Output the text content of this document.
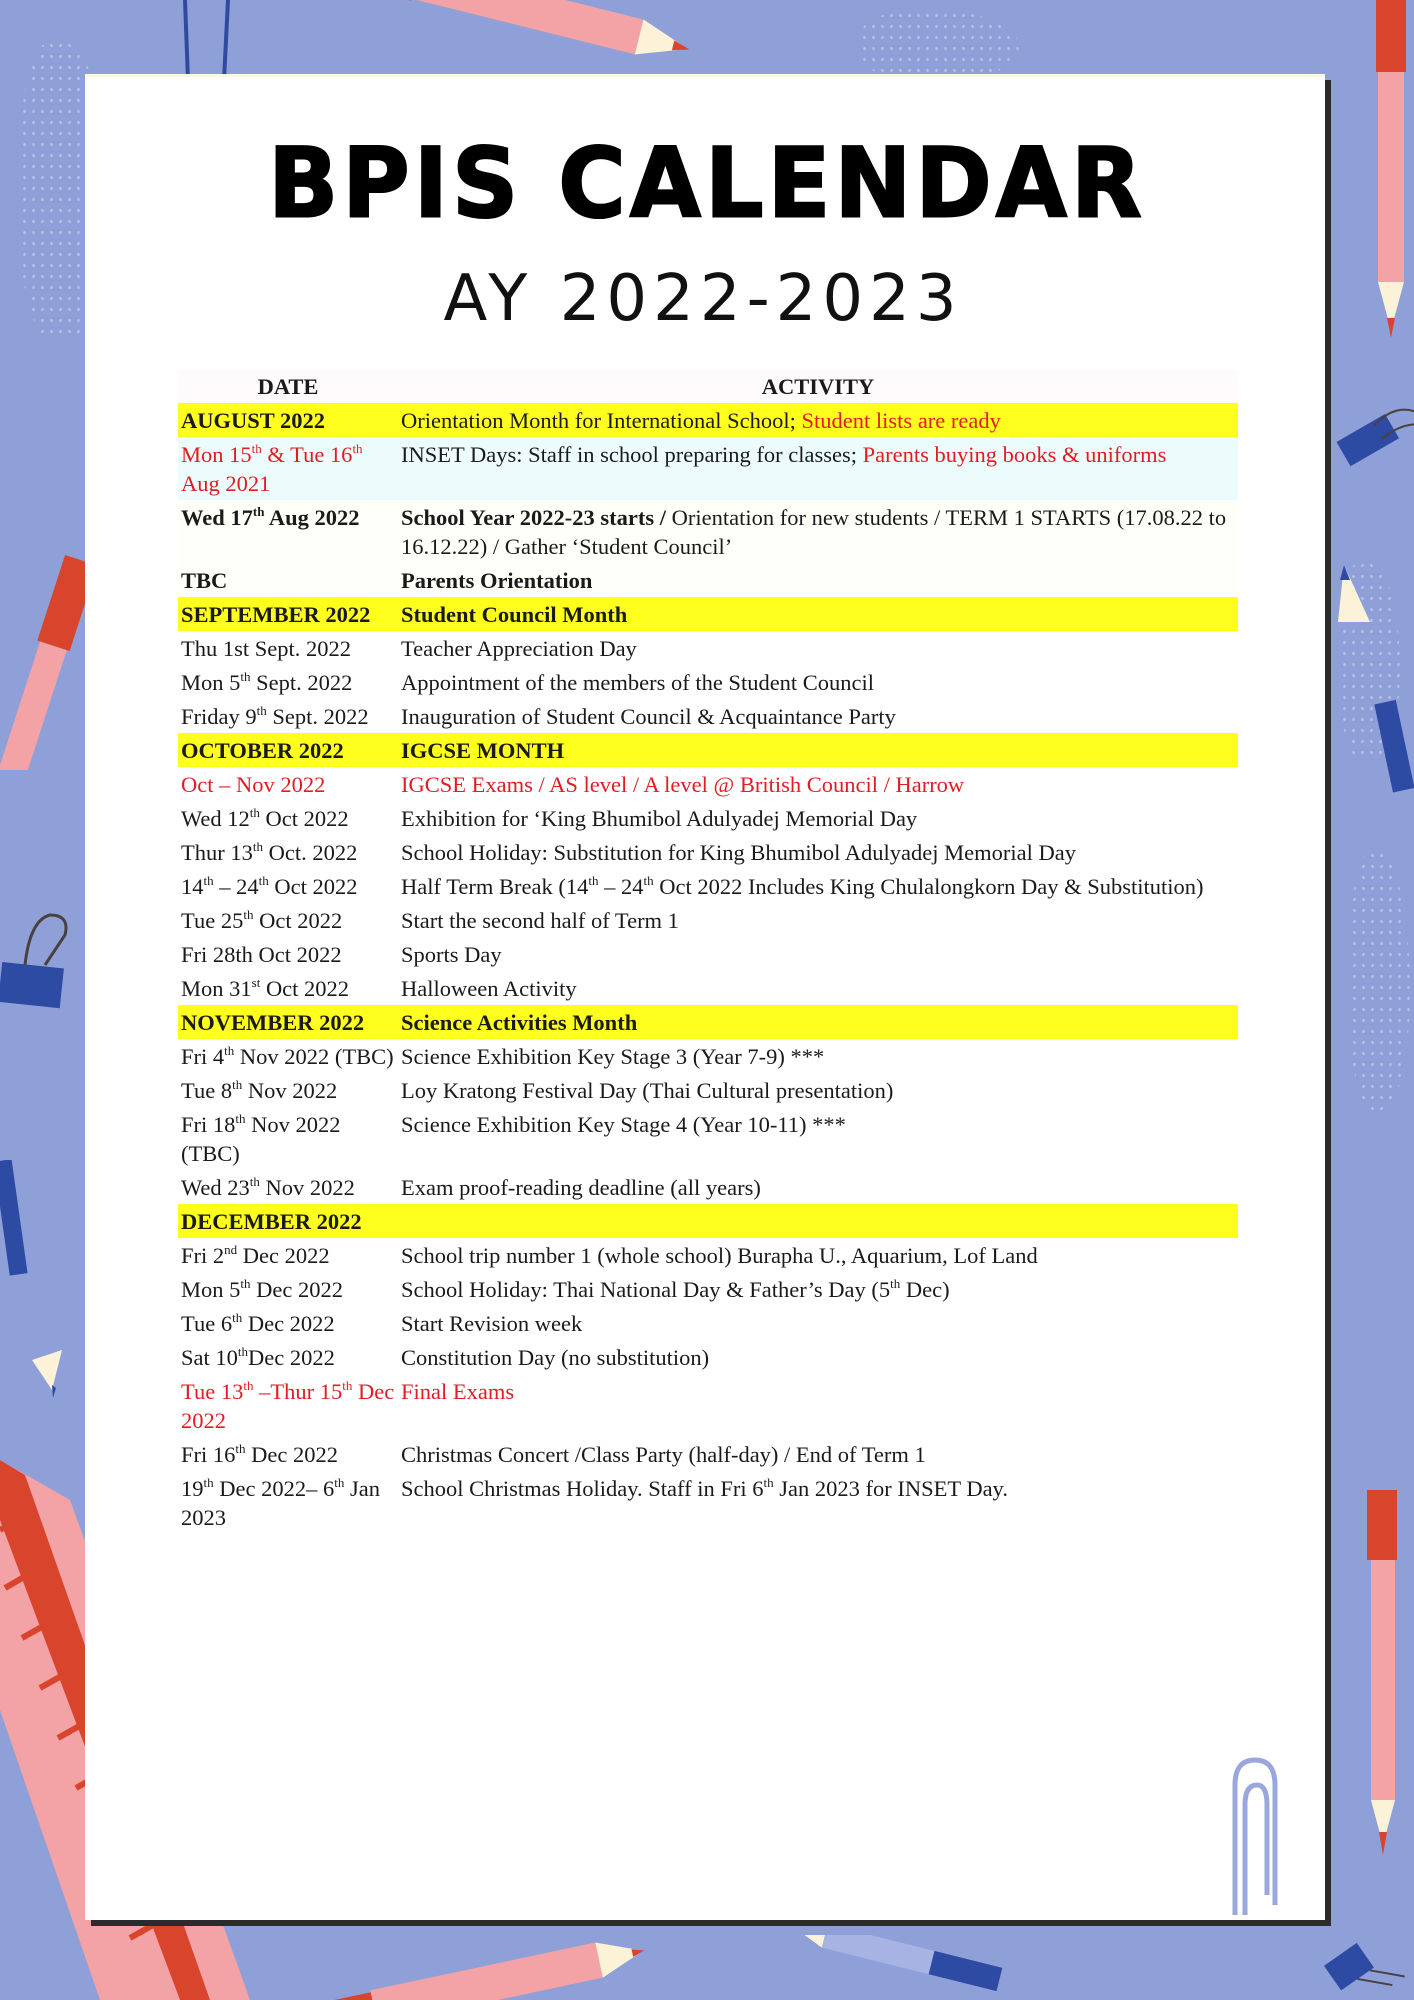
BPIS CALENDAR
AY 2022-2023
DATE	ACTIVITY
AUGUST 2022	Orientation Month for International School; Student lists are ready
Mon 15th & Tue 16th Aug 2021	INSET Days: Staff in school preparing for classes; Parents buying books & uniforms
Wed 17th Aug 2022	School Year 2022-23 starts / Orientation for new students / TERM 1 STARTS (17.08.22 to 16.12.22) / Gather ‘Student Council’
TBC	Parents Orientation
SEPTEMBER 2022	Student Council Month
Thu 1st Sept. 2022	Teacher Appreciation Day
Mon 5th Sept. 2022	Appointment of the members of the Student Council
Friday 9th Sept. 2022	Inauguration of Student Council & Acquaintance Party
OCTOBER 2022	IGCSE MONTH
Oct – Nov 2022	IGCSE Exams / AS level / A level @ British Council / Harrow
Wed 12th Oct 2022	Exhibition for ‘King Bhumibol Adulyadej Memorial Day
Thur 13th Oct. 2022	School Holiday: Substitution for King Bhumibol Adulyadej Memorial Day
14th – 24th Oct 2022	Half Term Break (14th – 24th Oct 2022 Includes King Chulalongkorn Day & Substitution)
Tue 25th Oct 2022	Start the second half of Term 1
Fri 28th Oct 2022	Sports Day
Mon 31st Oct 2022	Halloween Activity
NOVEMBER 2022	Science Activities Month
Fri 4th Nov 2022 (TBC)	Science Exhibition Key Stage 3 (Year 7-9) ***
Tue 8th Nov 2022	Loy Kratong Festival Day (Thai Cultural presentation)
Fri 18th Nov 2022 (TBC)	Science Exhibition Key Stage 4 (Year 10-11) ***
Wed 23th Nov 2022	Exam proof-reading deadline (all years)
DECEMBER 2022	
Fri 2nd Dec 2022	School trip number 1 (whole school) Burapha U., Aquarium, Lof Land
Mon 5th Dec 2022	School Holiday: Thai National Day & Father’s Day (5th Dec)
Tue 6th Dec 2022	Start Revision week
Sat 10thDec 2022	Constitution Day (no substitution)
Tue 13th –Thur 15th Dec 2022	Final Exams
Fri 16th Dec 2022	Christmas Concert /Class Party (half-day) / End of Term 1
19th Dec 2022– 6th Jan 2023	School Christmas Holiday. Staff in Fri 6th Jan 2023 for INSET Day.
